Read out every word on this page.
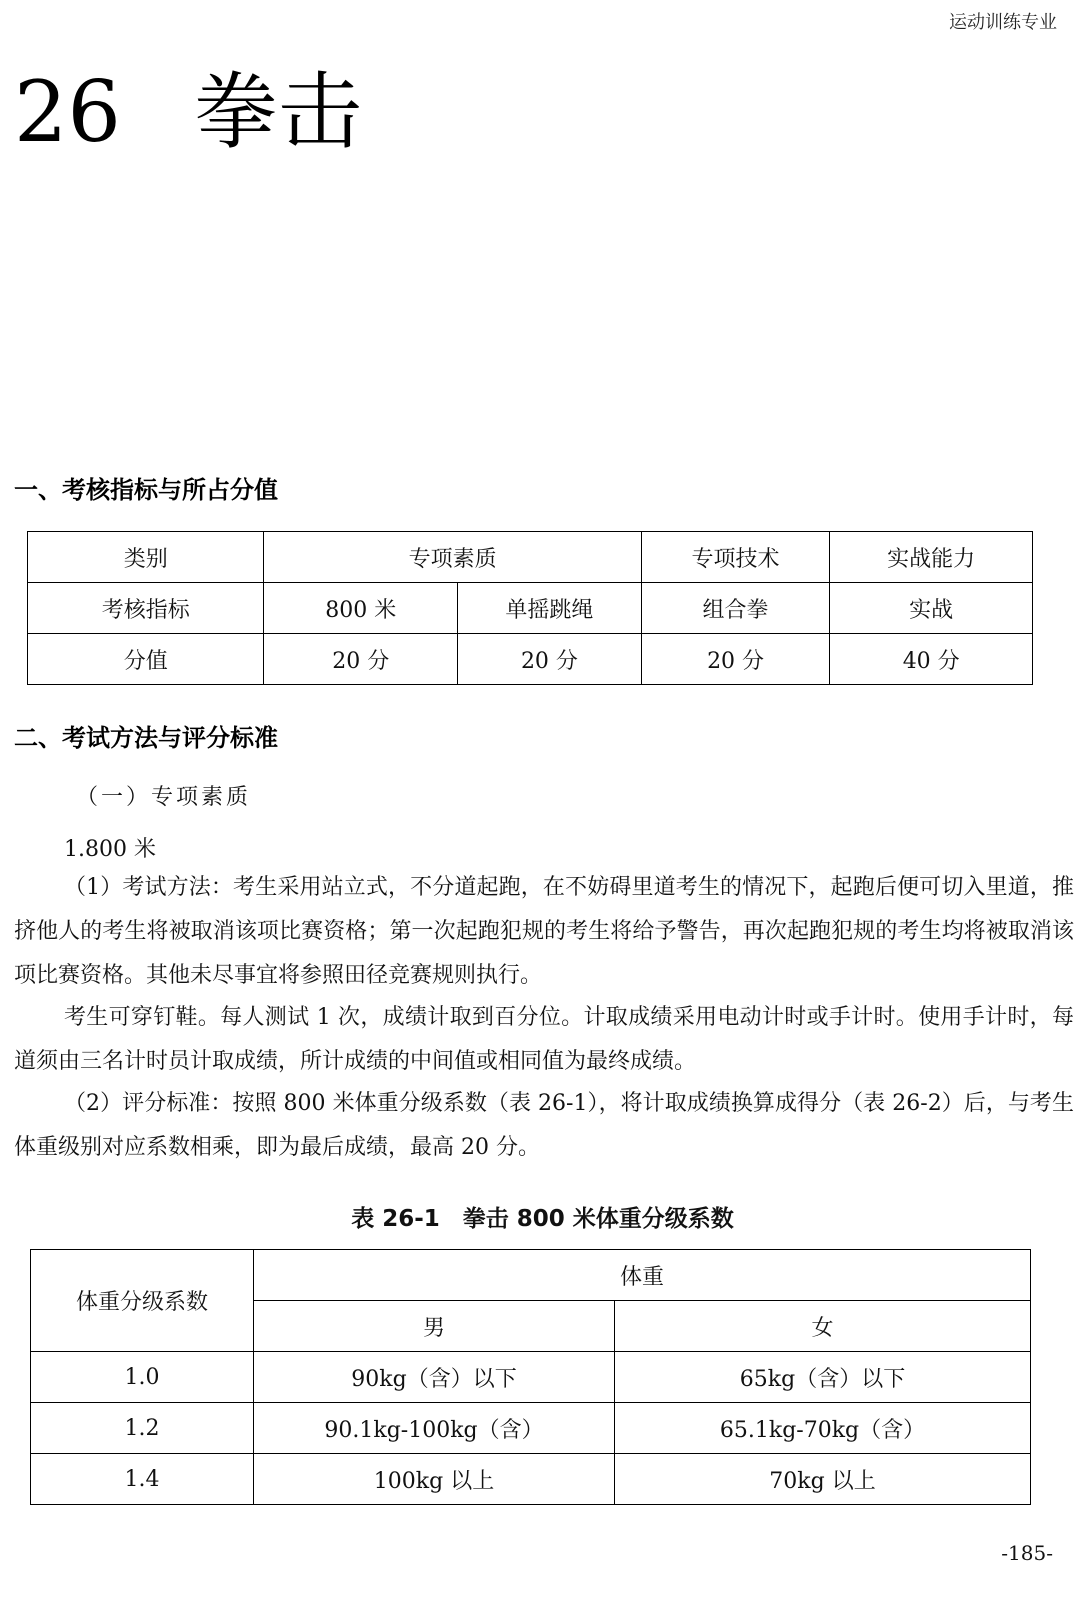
运动训练专业
26 拳击
一、考核指标与所占分值
类别	专项素质		专项技术	实战能力
考核指标	800 米	单摇跳绳	组合拳	实战
分值	20 分	20 分	20 分	40 分
二、考试方法与评分标准
（一）专项素质
1.800 米
（1）考试方法：考生采用站立式，不分道起跑，在不妨碍里道考生的情况下，起跑后便可切入里道，推挤他人的考生将被取消该项比赛资格；第一次起跑犯规的考生将给予警告，再次起跑犯规的考生均将被取消该项比赛资格。其他未尽事宜将参照田径竞赛规则执行。
考生可穿钉鞋。每人测试 1 次，成绩计取到百分位。计取成绩采用电动计时或手计时。使用手计时，每道须由三名计时员计取成绩，所计成绩的中间值或相同值为最终成绩。
（2）评分标准：按照 800 米体重分级系数（表 26-1），将计取成绩换算成得分（表 26-2）后，与考生体重级别对应系数相乘，即为最后成绩，最高 20 分。
表 26-1　拳击 800 米体重分级系数
体重分级系数	体重	
	男	女
1.0	90kg（含）以下	65kg（含）以下
1.2	90.1kg-100kg（含）	65.1kg-70kg（含）
1.4	100kg 以上	70kg 以上
-185-
